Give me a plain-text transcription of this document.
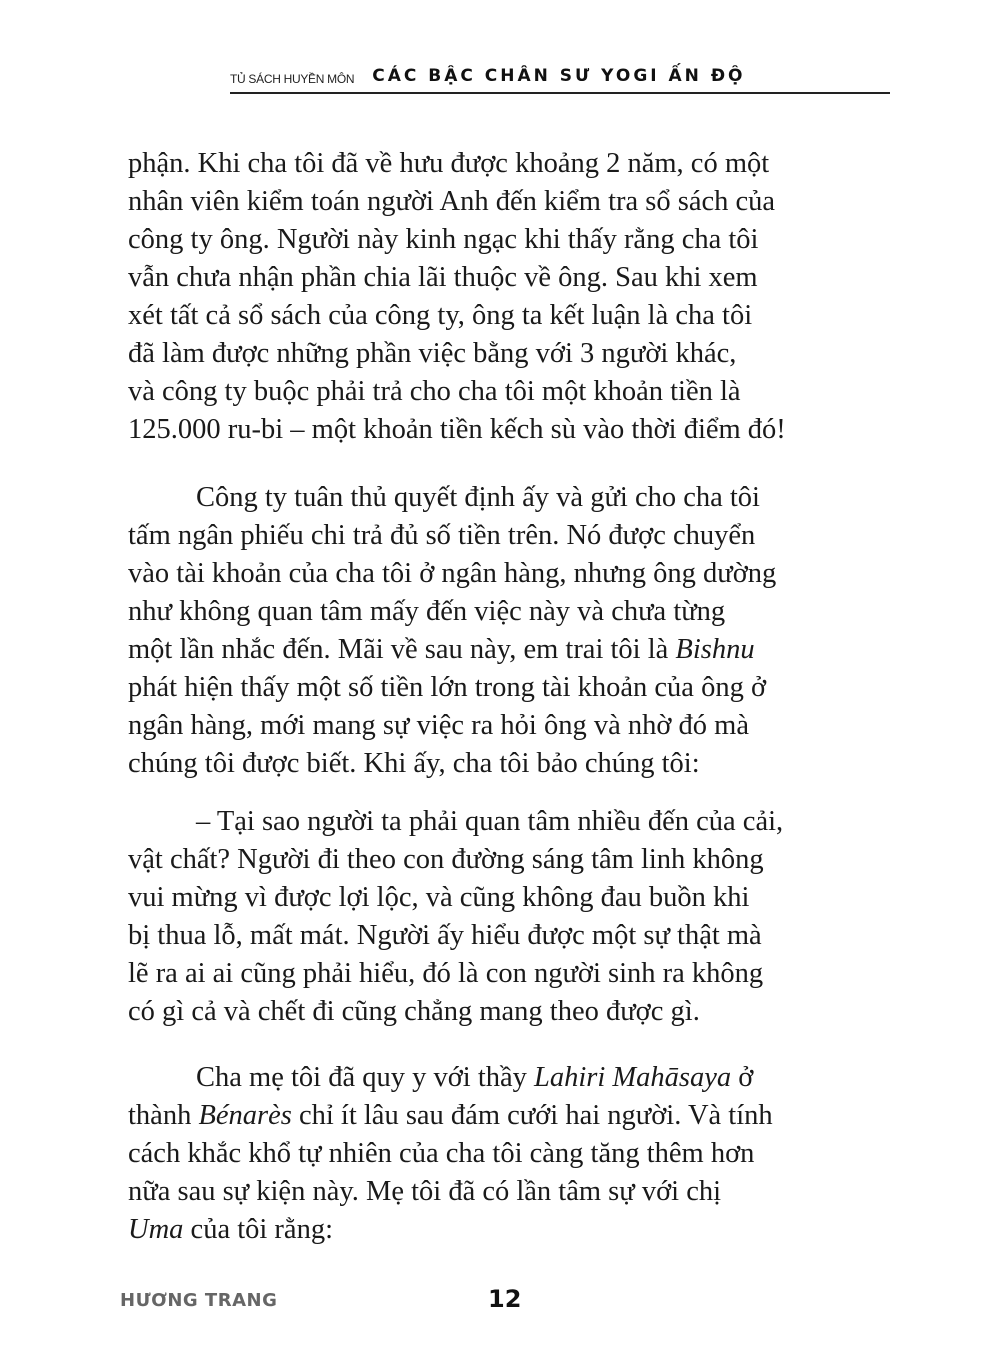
TỦ SÁCH HUYỀN MÔN CÁC BẬC CHÂN SƯ YOGI ẤN ĐỘ

phận. Khi cha tôi đã về hưu được khoảng 2 năm, có một
nhân viên kiểm toán người Anh đến kiểm tra sổ sách của
công ty ông. Người này kinh ngạc khi thấy rằng cha tôi
vẫn chưa nhận phần chia lãi thuộc về ông. Sau khi xem
xét tất cả sổ sách của công ty, ông ta kết luận là cha tôi
đã làm được những phần việc bằng với 3 người khác,
và công ty buộc phải trả cho cha tôi một khoản tiền là
125.000 ru-bi – một khoản tiền kếch sù vào thời điểm đó!

Công ty tuân thủ quyết định ấy và gửi cho cha tôi
tấm ngân phiếu chi trả đủ số tiền trên. Nó được chuyển
vào tài khoản của cha tôi ở ngân hàng, nhưng ông dường
như không quan tâm mấy đến việc này và chưa từng
một lần nhắc đến. Mãi về sau này, em trai tôi là Bishnu
phát hiện thấy một số tiền lớn trong tài khoản của ông ở
ngân hàng, mới mang sự việc ra hỏi ông và nhờ đó mà
chúng tôi được biết. Khi ấy, cha tôi bảo chúng tôi:

– Tại sao người ta phải quan tâm nhiều đến của cải,
vật chất? Người đi theo con đường sáng tâm linh không
vui mừng vì được lợi lộc, và cũng không đau buồn khi
bị thua lỗ, mất mát. Người ấy hiểu được một sự thật mà
lẽ ra ai ai cũng phải hiểu, đó là con người sinh ra không
có gì cả và chết đi cũng chẳng mang theo được gì.

Cha mẹ tôi đã quy y với thầy Lahiri Mahāsaya ở
thành Bénarès chỉ ít lâu sau đám cưới hai người. Và tính
cách khắc khổ tự nhiên của cha tôi càng tăng thêm hơn
nữa sau sự kiện này. Mẹ tôi đã có lần tâm sự với chị
Uma của tôi rằng:

HƯƠNG TRANG	12
